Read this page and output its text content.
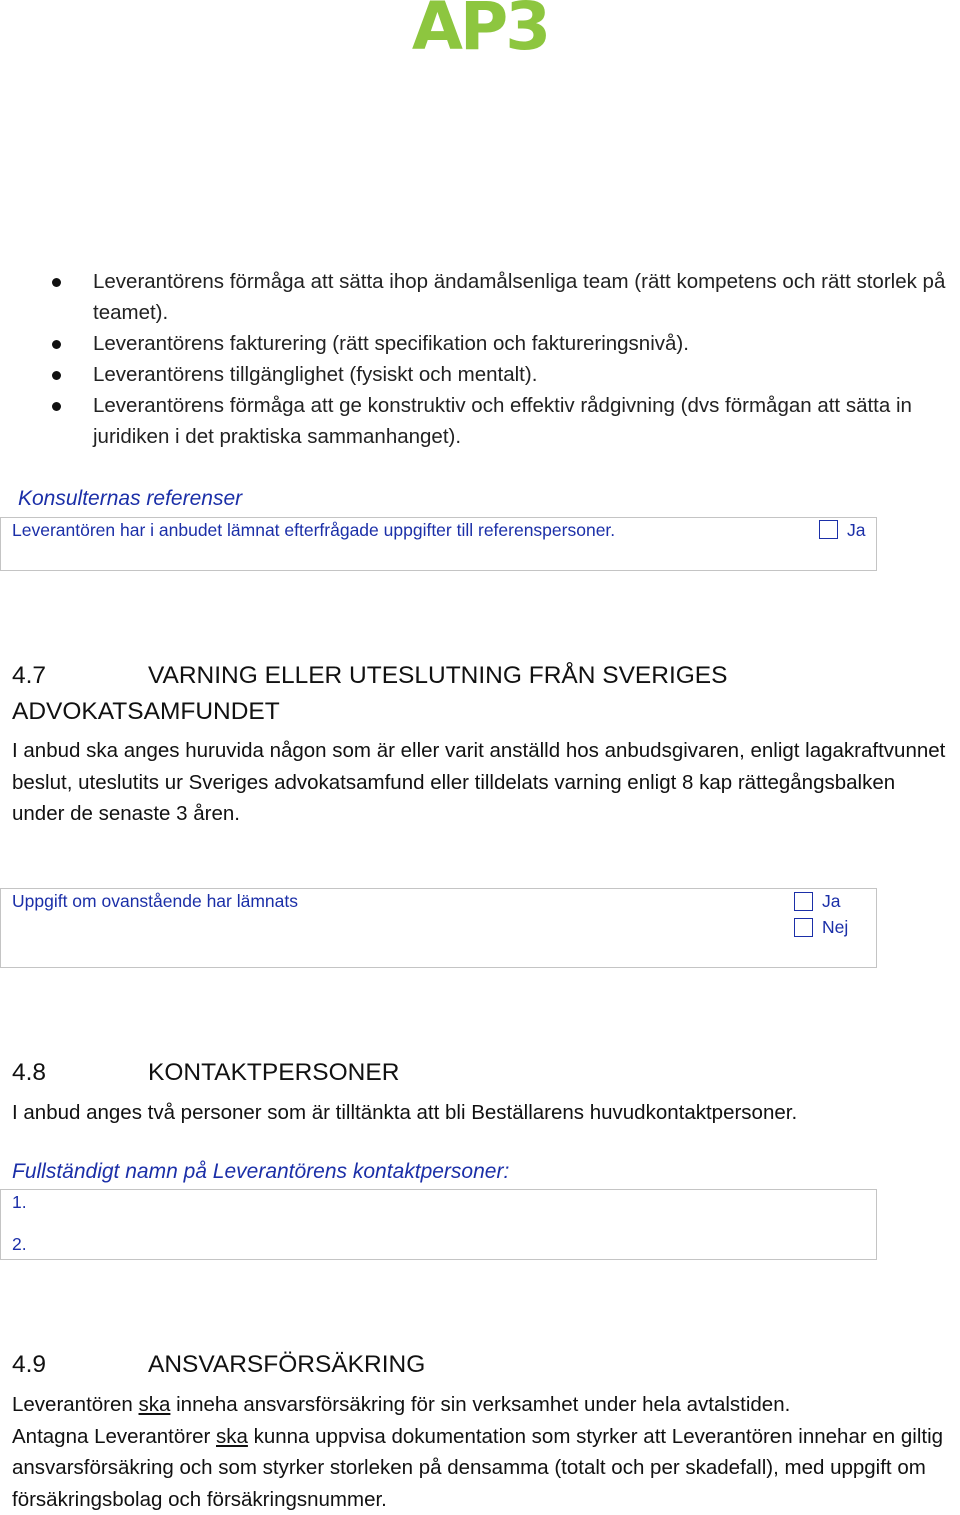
AP3
Leverantörens förmåga att sätta ihop ändamålsenliga team (rätt kompetens och rätt storlek på teamet).
Leverantörens fakturering (rätt specifikation och faktureringsnivå).
Leverantörens tillgänglighet (fysiskt och mentalt).
Leverantörens förmåga att ge konstruktiv och effektiv rådgivning (dvs förmågan att sätta in juridiken i det praktiska sammanhanget).
Konsulternas referenser
Leverantören har i anbudet lämnat efterfrågade uppgifter till referenspersoner.	Ja
4.7	VARNING ELLER UTESLUTNING FRÅN SVERIGES
ADVOKATSAMFUNDET
I anbud ska anges huruvida någon som är eller varit anställd hos anbudsgivaren, enligt lagakraftvunnet beslut, uteslutits ur Sveriges advokatsamfund eller tilldelats varning enligt 8 kap rättegångsbalken under de senaste 3 åren.
Uppgift om ovanstående har lämnats	Ja
Nej
4.8	KONTAKTPERSONER
I anbud anges två personer som är tilltänkta att bli Beställarens huvudkontaktpersoner.
Fullständigt namn på Leverantörens kontaktpersoner:
1.
2.
4.9	ANSVARSFÖRSÄKRING
Leverantören ska inneha ansvarsförsäkring för sin verksamhet under hela avtalstiden.
Antagna Leverantörer ska kunna uppvisa dokumentation som styrker att Leverantören innehar en giltig ansvarsförsäkring och som styrker storleken på densamma (totalt och per skadefall), med uppgift om försäkringsbolag och försäkringsnummer.
